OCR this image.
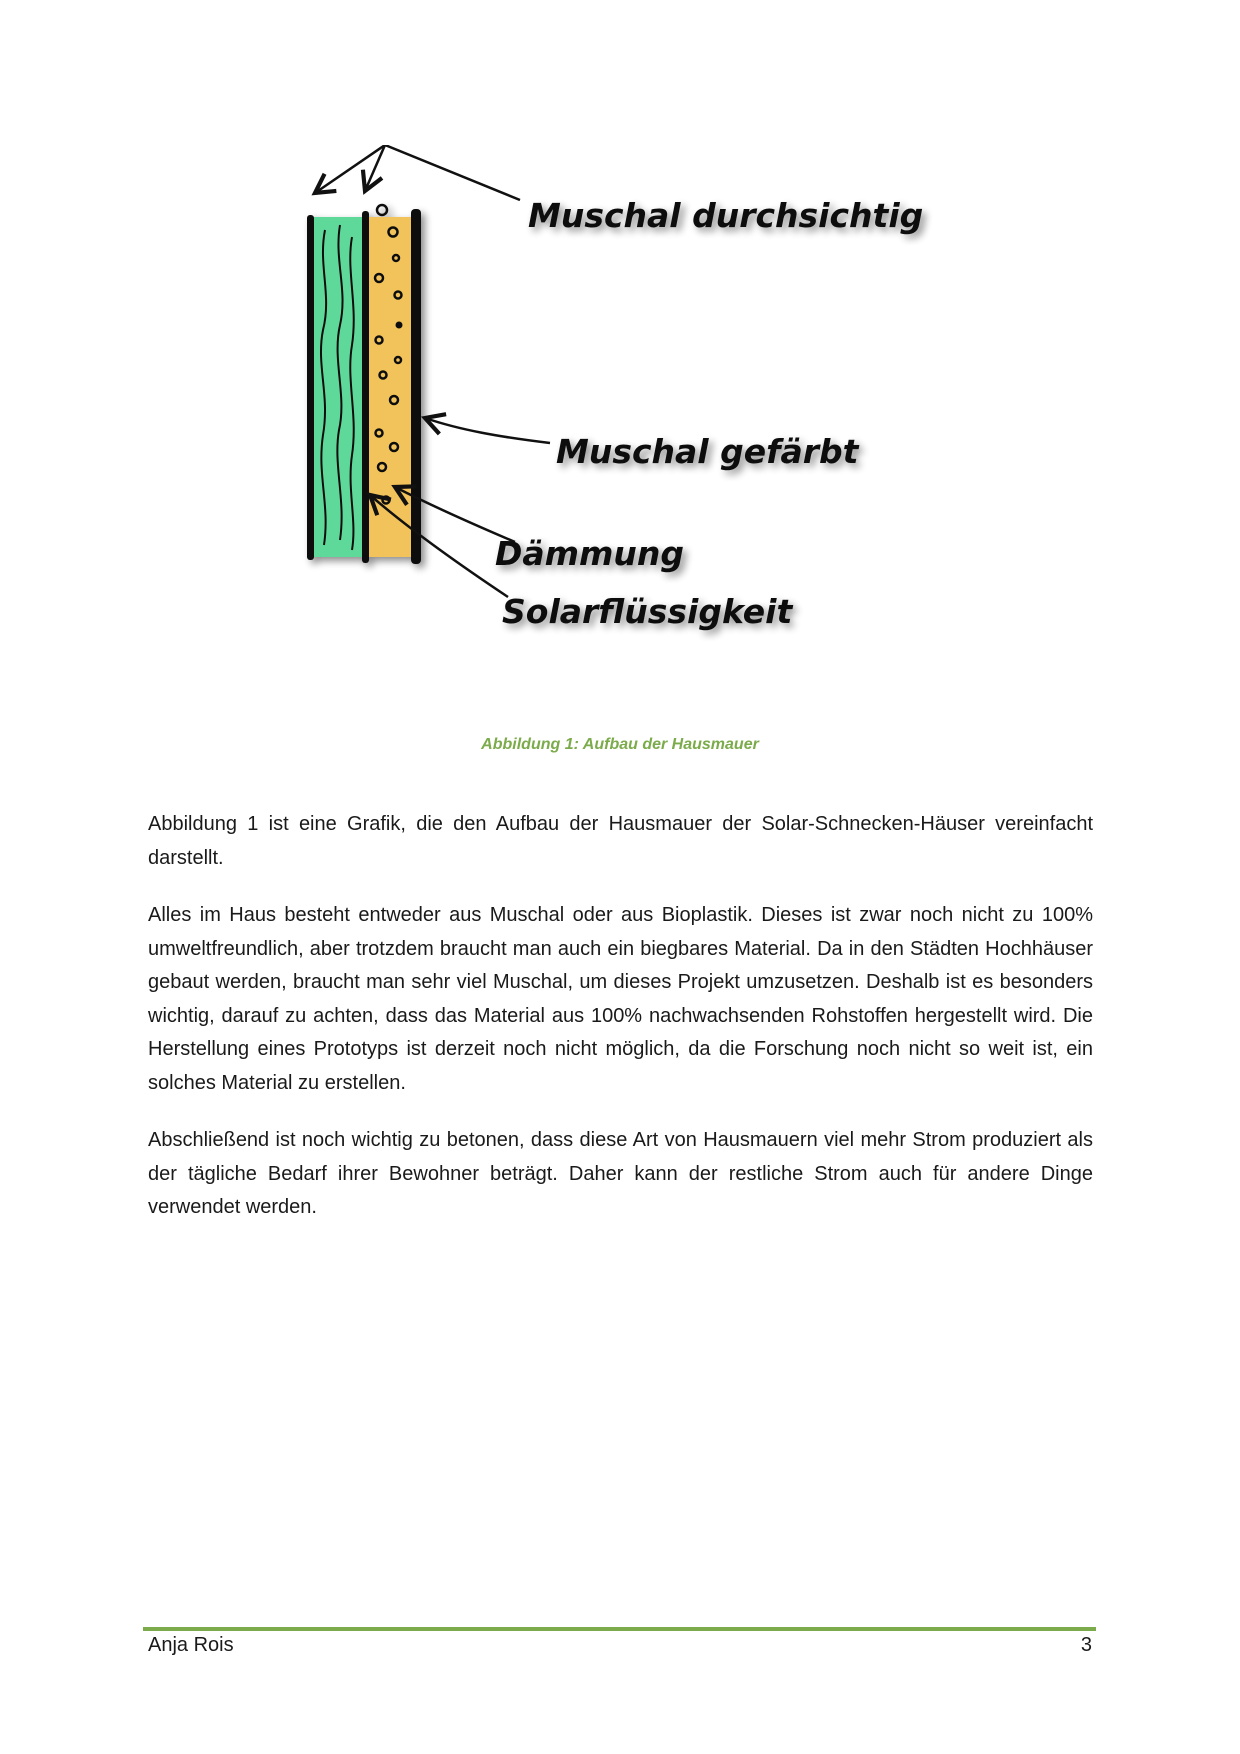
Muschal durchsichtig
Muschal gefärbt
Dämmung
Solarflüssigkeit
Abbildung 1: Aufbau der Hausmauer

Abbildung 1 ist eine Grafik, die den Aufbau der Hausmauer der Solar-Schnecken-Häuser vereinfacht darstellt.

Alles im Haus besteht entweder aus Muschal oder aus Bioplastik. Dieses ist zwar noch nicht zu 100% umweltfreundlich, aber trotzdem braucht man auch ein biegbares Material. Da in den Städten Hochhäuser gebaut werden, braucht man sehr viel Muschal, um dieses Projekt umzusetzen. Deshalb ist es besonders wichtig, darauf zu achten, dass das Material aus 100% nachwachsenden Rohstoffen hergestellt wird. Die Herstellung eines Prototyps ist derzeit noch nicht möglich, da die Forschung noch nicht so weit ist, ein solches Material zu erstellen.

Abschließend ist noch wichtig zu betonen, dass diese Art von Hausmauern viel mehr Strom produziert als der tägliche Bedarf ihrer Bewohner beträgt. Daher kann der restliche Strom auch für andere Dinge verwendet werden.

Anja Rois	3
